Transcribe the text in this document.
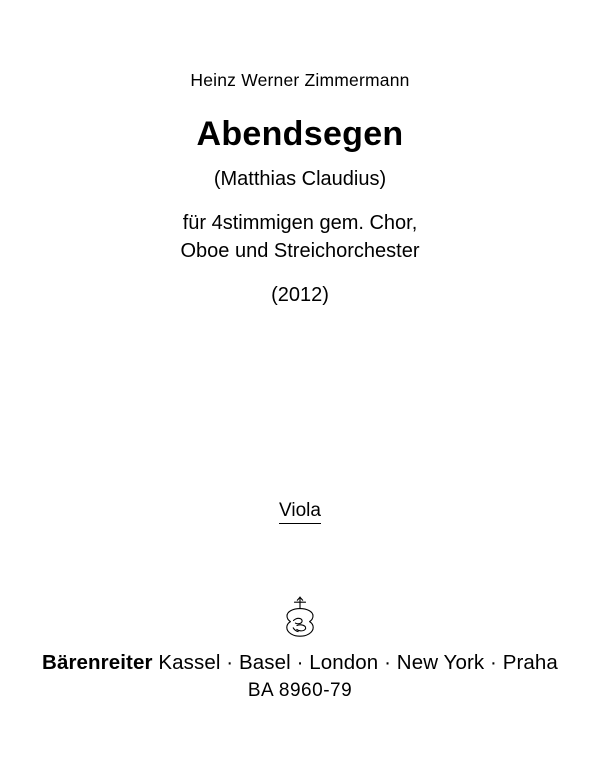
Heinz Werner Zimmermann
Abendsegen
(Matthias Claudius)
für 4stimmigen gem. Chor,
Oboe und Streichorchester
(2012)
Viola
Bärenreiter Kassel · Basel · London · New York · Praha
BA 8960-79
